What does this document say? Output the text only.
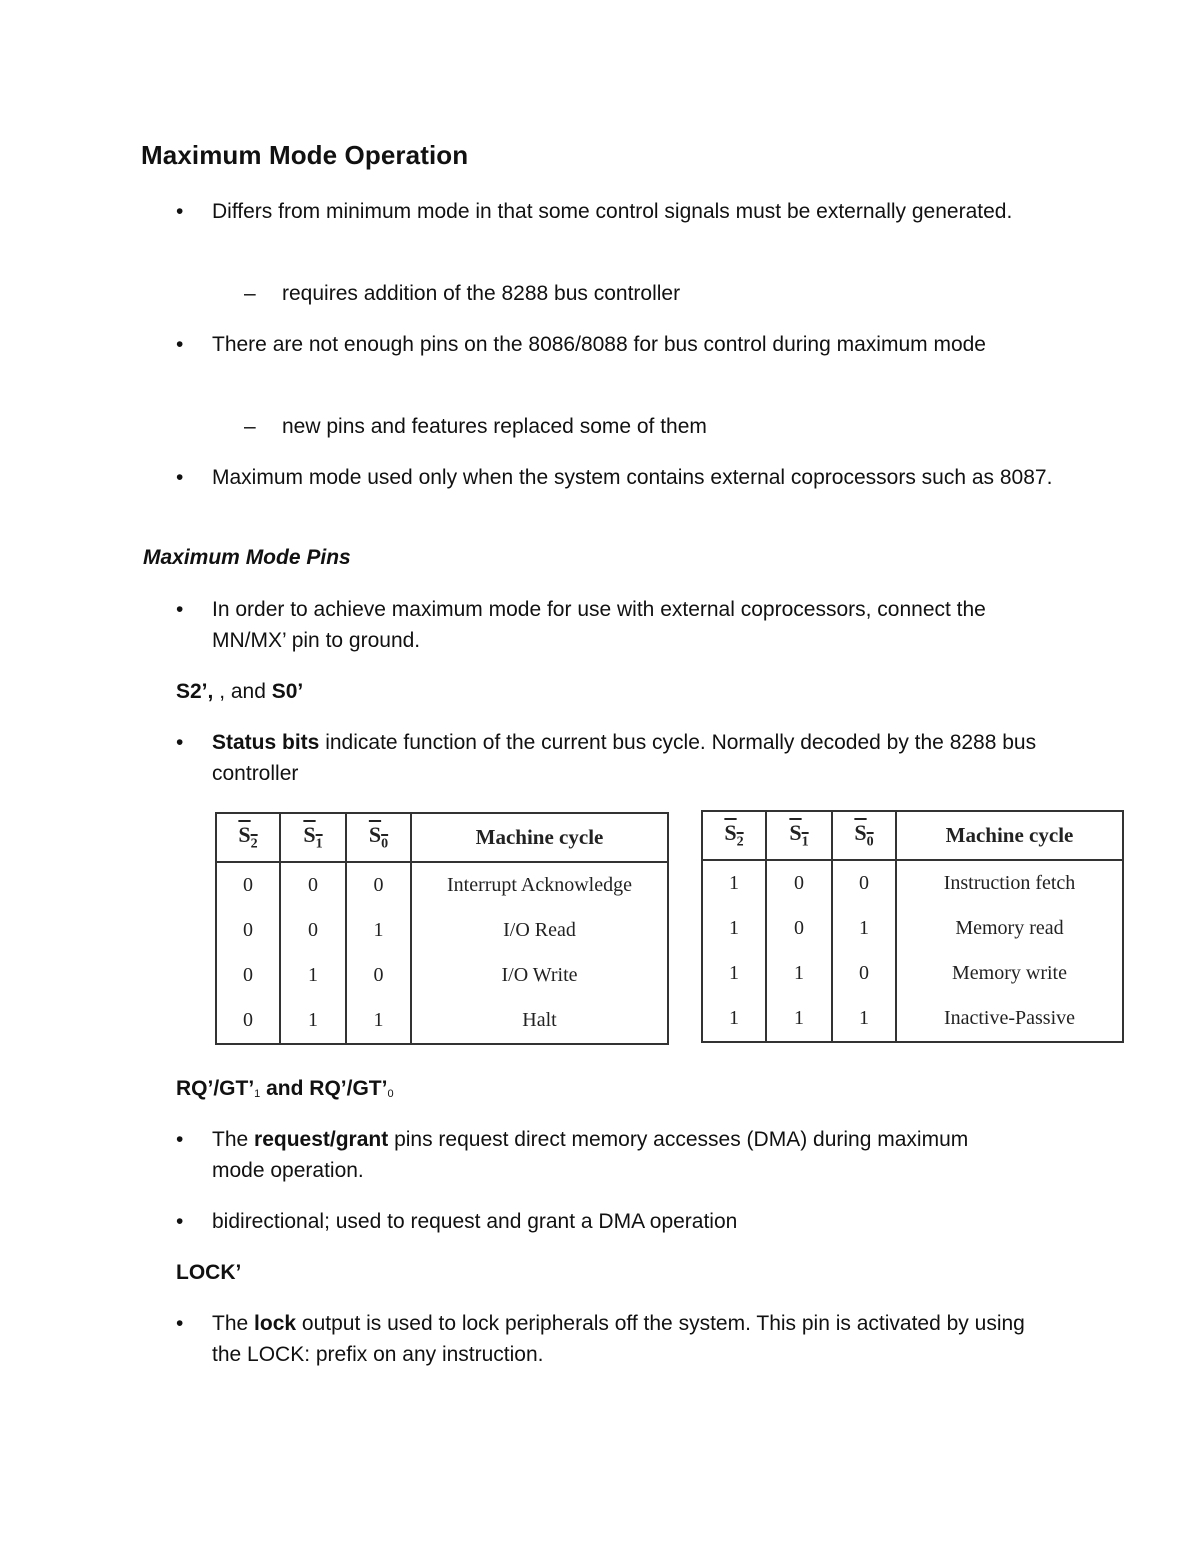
Maximum Mode Operation
• Differs from minimum mode in that some control signals must be externally generated.
– requires addition of the 8288 bus controller
• There are not enough pins on the 8086/8088 for bus control during maximum mode
– new pins and features replaced some of them
• Maximum mode used only when the system contains external coprocessors such as 8087.
Maximum Mode Pins
• In order to achieve maximum mode for use with external coprocessors, connect the MN/MX’ pin to ground.
S2’, , and S0’
• Status bits indicate function of the current bus cycle. Normally decoded by the 8288 bus controller
$S_2$	$S_1$	$S_0$	Machine cycle
0	0	0	Interrupt Acknowledge
0	0	1	I/O Read
0	1	0	I/O Write
0	1	1	Halt
$S_2$	$S_1$	$S_0$	Machine cycle
1	0	0	Instruction fetch
1	0	1	Memory read
1	1	0	Memory write
1	1	1	Inactive-Passive
$RQ’/GT’_1$ and $RQ’/GT’_0$
• The request/grant pins request direct memory accesses (DMA) during maximum mode operation.
• bidirectional; used to request and grant a DMA operation
LOCK’
• The lock output is used to lock peripherals off the system. This pin is activated by using the LOCK: prefix on any instruction.
